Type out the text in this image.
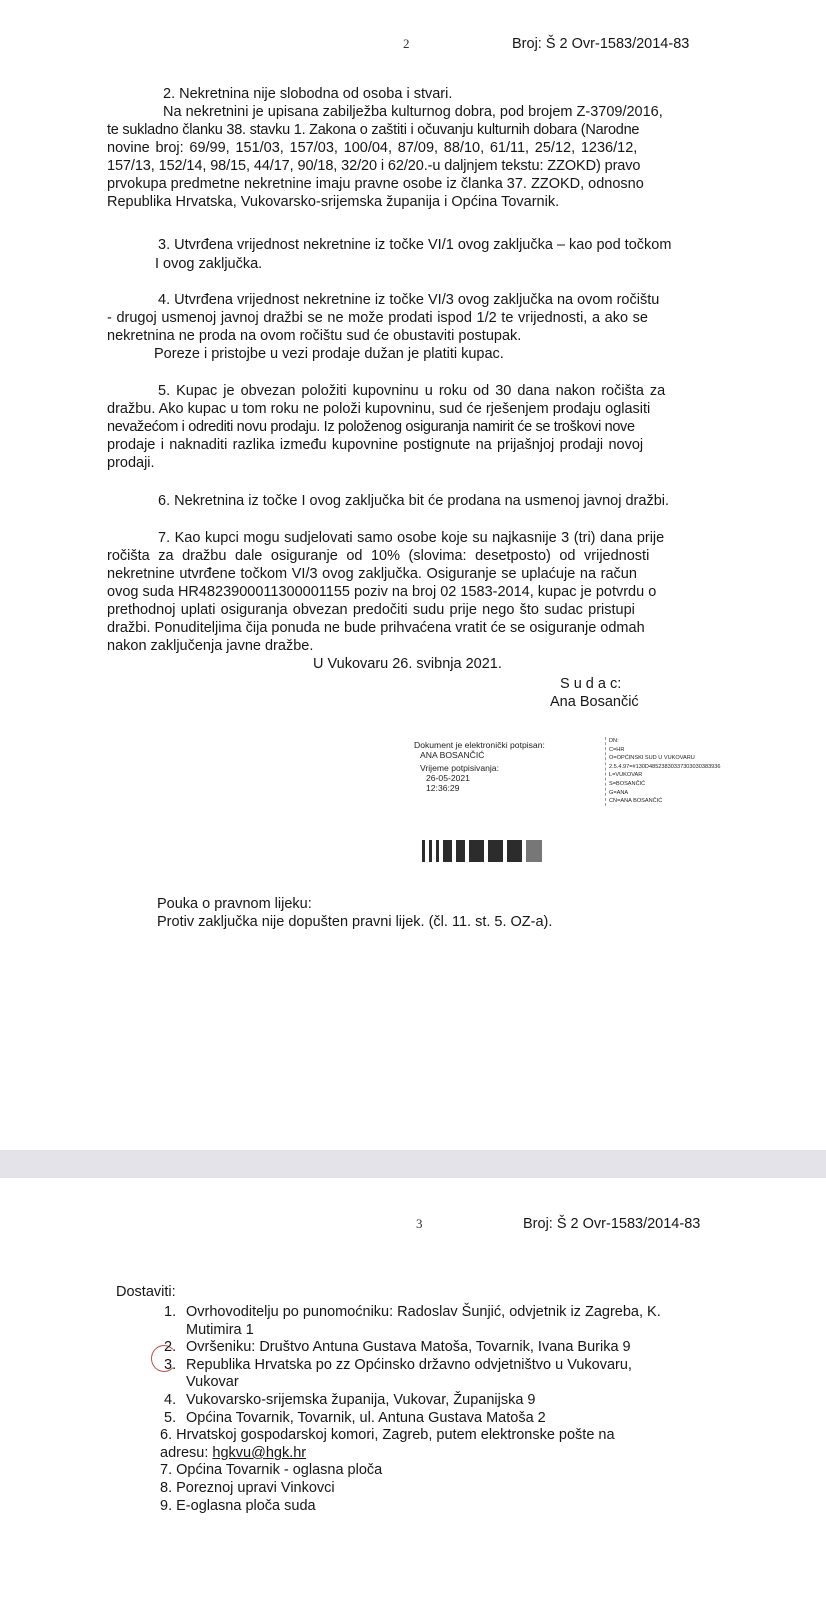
2	Broj: Š 2 Ovr-1583/2014-83
2. Nekretnina nije slobodna od osoba i stvari.
Na nekretnini je upisana zabilježba kulturnog dobra, pod brojem Z-3709/2016,
te sukladno članku 38. stavku 1. Zakona o zaštiti i očuvanju kulturnih dobara (Narodne
novine broj: 69/99, 151/03, 157/03, 100/04, 87/09, 88/10, 61/11, 25/12, 1236/12,
157/13, 152/14, 98/15, 44/17, 90/18, 32/20 i 62/20.-u daljnjem tekstu: ZZOKD) pravo
prvokupa predmetne nekretnine imaju pravne osobe iz članka 37. ZZOKD, odnosno
Republika Hrvatska, Vukovarsko-srijemska županija i Općina Tovarnik.
3. Utvrđena vrijednost nekretnine iz točke VI/1 ovog zaključka – kao pod točkom
I ovog zaključka.
4. Utvrđena vrijednost nekretnine iz točke VI/3 ovog zaključka na ovom ročištu
- drugoj usmenoj javnoj dražbi se ne može prodati ispod 1/2 te vrijednosti, a ako se
nekretnina ne proda na ovom ročištu sud će obustaviti postupak.
Poreze i pristojbe u vezi prodaje dužan je platiti kupac.
5. Kupac je obvezan položiti kupovninu u roku od 30 dana nakon ročišta za
dražbu. Ako kupac u tom roku ne položi kupovninu, sud će rješenjem prodaju oglasiti
nevažećom i odrediti novu prodaju. Iz položenog osiguranja namirit će se troškovi nove
prodaje i naknaditi razlika između kupovnine postignute na prijašnjoj prodaji novoj
prodaji.
6. Nekretnina iz točke I ovog zaključka bit će prodana na usmenoj javnoj dražbi.
7. Kao kupci mogu sudjelovati samo osobe koje su najkasnije 3 (tri) dana prije
ročišta za dražbu dale osiguranje od 10% (slovima: desetposto) od vrijednosti
nekretnine utvrđene točkom VI/3 ovog zaključka. Osiguranje se uplaćuje na račun
ovog suda HR4823900011300001155 poziv na broj 02 1583-2014, kupac je potvrdu o
prethodnoj uplati osiguranja obvezan predočiti sudu prije nego što sudac pristupi
dražbi. Ponuditeljima čija ponuda ne bude prihvaćena vratit će se osiguranje odmah
nakon zaključenja javne dražbe.
U Vukovaru 26. svibnja 2021.
S u d a c:
Ana Bosančić
Dokument je elektronički potpisan:
ANA BOSANČIĆ
Vrijeme potpisivanja:
26-05-2021
12:36:29
DN:
C=HR
O=OPĆINSKI SUD U VUKOVARU
2.5.4.97=#130D48523830337303030383936
L=VUKOVAR
S=BOSANČIĆ
G=ANA
CN=ANA BOSANČIĆ
Pouka o pravnom lijeku:
Protiv zaključka nije dopušten pravni lijek. (čl. 11. st. 5. OZ-a).
3	Broj: Š 2 Ovr-1583/2014-83
Dostaviti:
1. Ovrhovoditelju po punomoćniku: Radoslav Šunjić, odvjetnik iz Zagreba, K.
Mutimira 1
2. Ovršeniku: Društvo Antuna Gustava Matoša, Tovarnik, Ivana Burika 9
3. Republika Hrvatska po zz Općinsko državno odvjetništvo u Vukovaru,
Vukovar
4. Vukovarsko-srijemska županija, Vukovar, Županijska 9
5. Općina Tovarnik, Tovarnik, ul. Antuna Gustava Matoša 2
6. Hrvatskoj gospodarskoj komori, Zagreb, putem elektronske pošte na
adresu: hgkvu@hgk.hr
7. Općina Tovarnik - oglasna ploča
8. Poreznoj upravi Vinkovci
9. E-oglasna ploča suda
